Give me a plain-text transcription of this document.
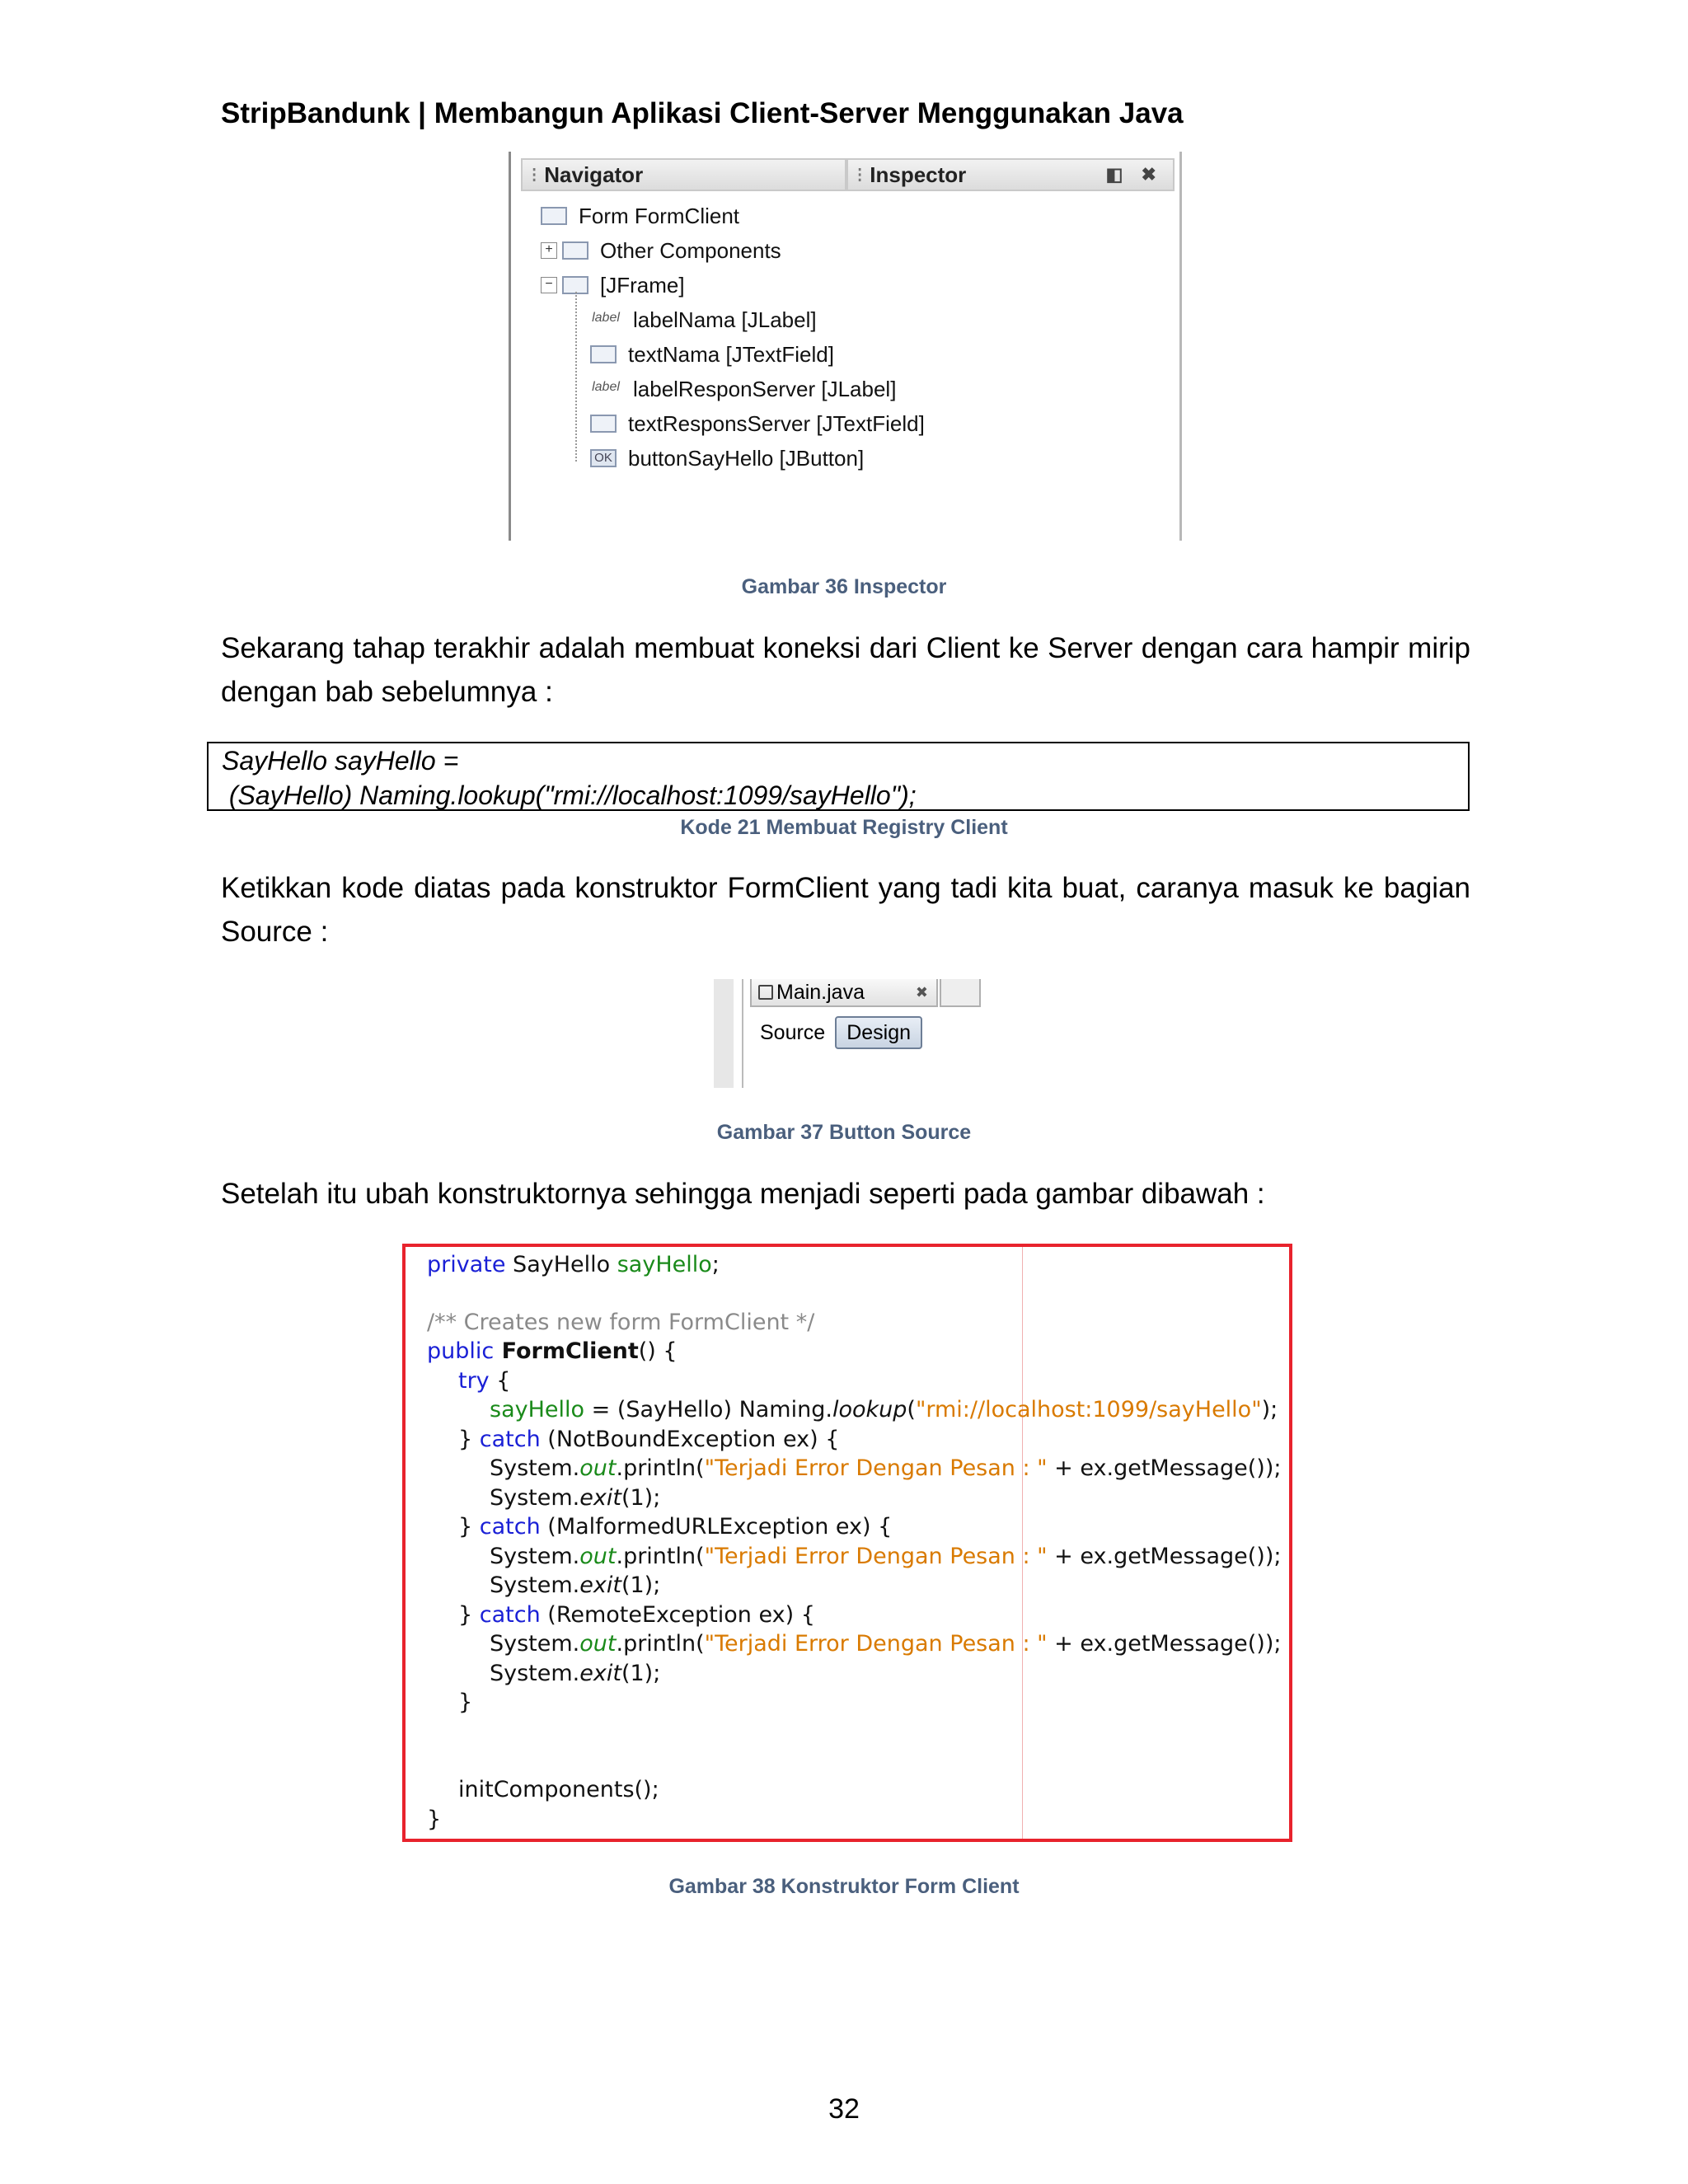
StripBandunk | Membangun Aplikasi Client-Server Menggunakan Java
⁝ Navigator	⁝ Inspector	◧ ✖
Form FormClient
+ Other Components
− [JFrame]
label labelNama [JLabel]
textNama [JTextField]
label labelResponServer [JLabel]
textResponsServer [JTextField]
OK buttonSayHello [JButton]
Gambar 36 Inspector
Sekarang tahap terakhir adalah membuat koneksi dari Client ke Server dengan cara hampir mirip dengan bab sebelumnya :
SayHello sayHello =
(SayHello) Naming.lookup("rmi://localhost:1099/sayHello");
Kode 21 Membuat Registry Client
Ketikkan kode diatas pada konstruktor FormClient yang tadi kita buat, caranya masuk ke bagian Source :
Main.java	✖
Source	Design
Gambar 37 Button Source
Setelah itu ubah konstruktornya sehingga menjadi seperti pada gambar dibawah :
private SayHello sayHello;
/** Creates new form FormClient */
public FormClient() {
try {
sayHello = (SayHello) Naming.lookup("rmi://localhost:1099/sayHello");
} catch (NotBoundException ex) {
System.out.println("Terjadi Error Dengan Pesan : " + ex.getMessage());
System.exit(1);
} catch (MalformedURLException ex) {
System.out.println("Terjadi Error Dengan Pesan : " + ex.getMessage());
System.exit(1);
} catch (RemoteException ex) {
System.out.println("Terjadi Error Dengan Pesan : " + ex.getMessage());
System.exit(1);
}
initComponents();
}
Gambar 38 Konstruktor Form Client
32
